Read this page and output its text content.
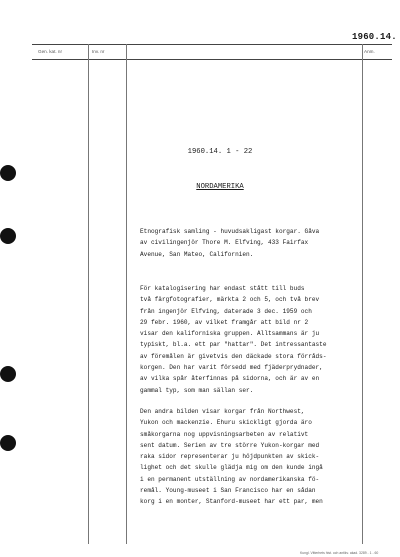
1960.14.
Gen. kat. nr	Inv. nr	Anm.
1960.14. 1 - 22
NORDAMERIKA

Etnografisk samling - huvudsakligast korgar. Gåva
av civilingenjör Thore M. Elfving, 433 Fairfax
Avenue, San Mateo, Californien.

För katalogisering har endast stått till buds
två färgfotografier, märkta 2 och 5, och två brev
från ingenjör Elfving, daterade 3 dec. 1959 och
29 febr. 1960, av vilket framgår att bild nr 2
visar den kaliforniska gruppen. Alltsammans är ju
typiskt, bl.a. ett par "hattar". Det intressantaste
av föremålen är givetvis den däckade stora förråds-
korgen. Den har varit försedd med fjäderprydnader,
av vilka spår återfinnas på sidorna, och är av en
gammal typ, som man sällan ser.

Den andra bilden visar korgar från Northwest,
Yukon och mackenzie. Ehuru skickligt gjorda äro
småkorgarna nog uppvisningsarbeten av relativt
sent datum. Serien av tre större Yukon-korgar med
raka sidor representerar ju höjdpunkten av skick-
lighet och det skulle glädja mig om den kunde ingå
i en permanent utställning av nordamerikanska fö-
remål. Young-museet i San Francisco har en sådan
korg i en monter, Stanford-museet har ett par, men

Kungl. Vitterhets hist. och antikv. akad. 3289 - 1 - 60
